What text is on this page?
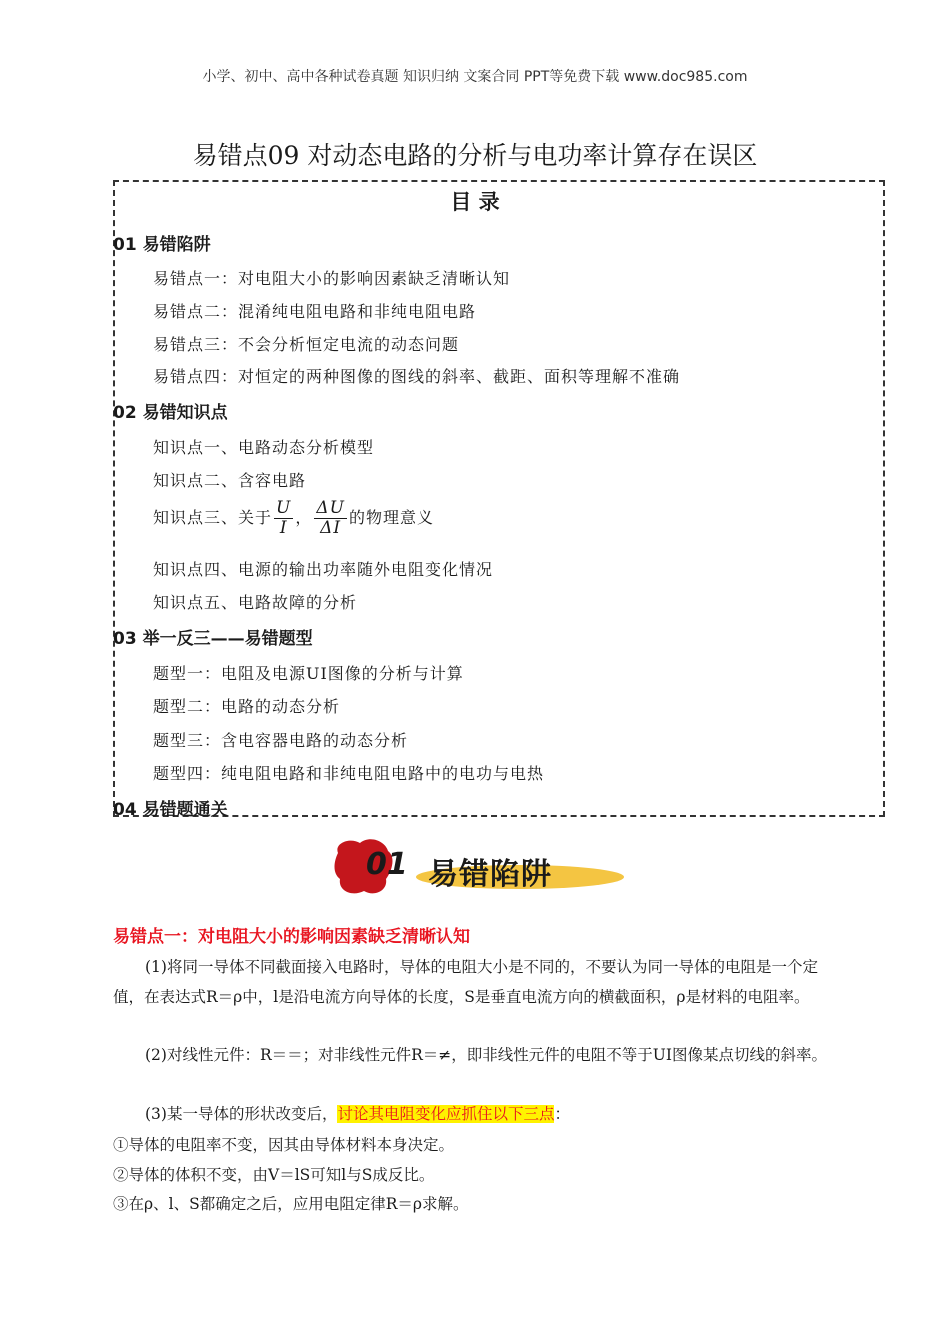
小学、初中、高中各种试卷真题 知识归纳 文案合同 PPT等免费下载 www.doc985.com
易错点09 对动态电路的分析与电功率计算存在误区
目 录
01 易错陷阱
易错点一：对电阻大小的影响因素缺乏清晰认知
易错点二：混淆纯电阻电路和非纯电阻电路
易错点三：不会分析恒定电流的动态问题
易错点四：对恒定的两种图像的图线的斜率、截距、面积等理解不准确
02 易错知识点
知识点一、电路动态分析模型
知识点二、含容电路
知识点三、关于 $\frac{U}{I}$ ， $\frac{\Delta U}{\Delta I}$ 的物理意义
知识点四、电源的输出功率随外电阻变化情况
知识点五、电路故障的分析
03 举一反三——易错题型
题型一：电阻及电源UI图像的分析与计算
题型二：电路的动态分析
题型三：含电容器电路的动态分析
题型四：纯电阻电路和非纯电阻电路中的电功与电热
04 易错题通关
01 易错陷阱
易错点一：对电阻大小的影响因素缺乏清晰认知
(1)将同一导体不同截面接入电路时，导体的电阻大小是不同的，不要认为同一导体的电阻是一个定值，在表达式R＝ρ中，l是沿电流方向导体的长度，S是垂直电流方向的横截面积，ρ是材料的电阻率。
(2)对线性元件：R＝＝；对非线性元件R＝≠，即非线性元件的电阻不等于UI图像某点切线的斜率。
(3)某一导体的形状改变后，讨论其电阻变化应抓住以下三点：
①导体的电阻率不变，因其由导体材料本身决定。
②导体的体积不变，由V＝lS可知l与S成反比。
③在ρ、l、S都确定之后，应用电阻定律R＝ρ求解。
